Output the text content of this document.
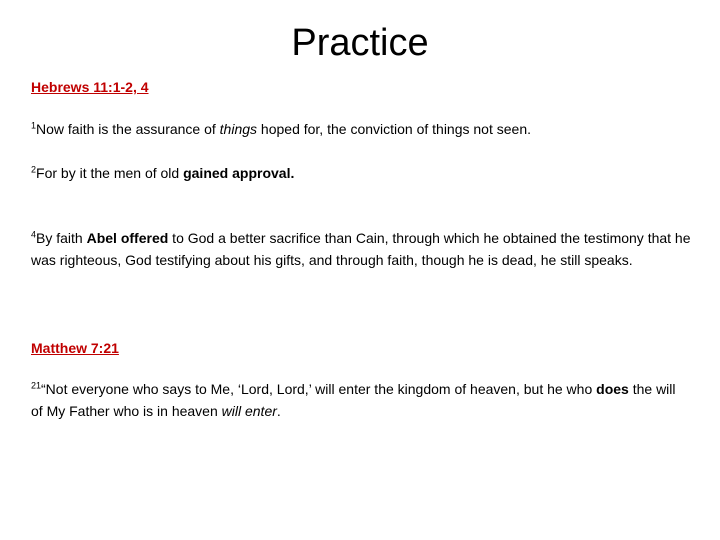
Practice
Hebrews 11:1-2, 4
$^1$Now faith is the assurance of things hoped for, the conviction of things not seen.
$^2$For by it the men of old gained approval.
$^4$By faith Abel offered to God a better sacrifice than Cain, through which he obtained the testimony that he was righteous, God testifying about his gifts, and through faith, though he is dead, he still speaks.
Matthew 7:21
$^{21}$“Not everyone who says to Me, ‘Lord, Lord,’ will enter the kingdom of heaven, but he who does the will of My Father who is in heaven will enter.
